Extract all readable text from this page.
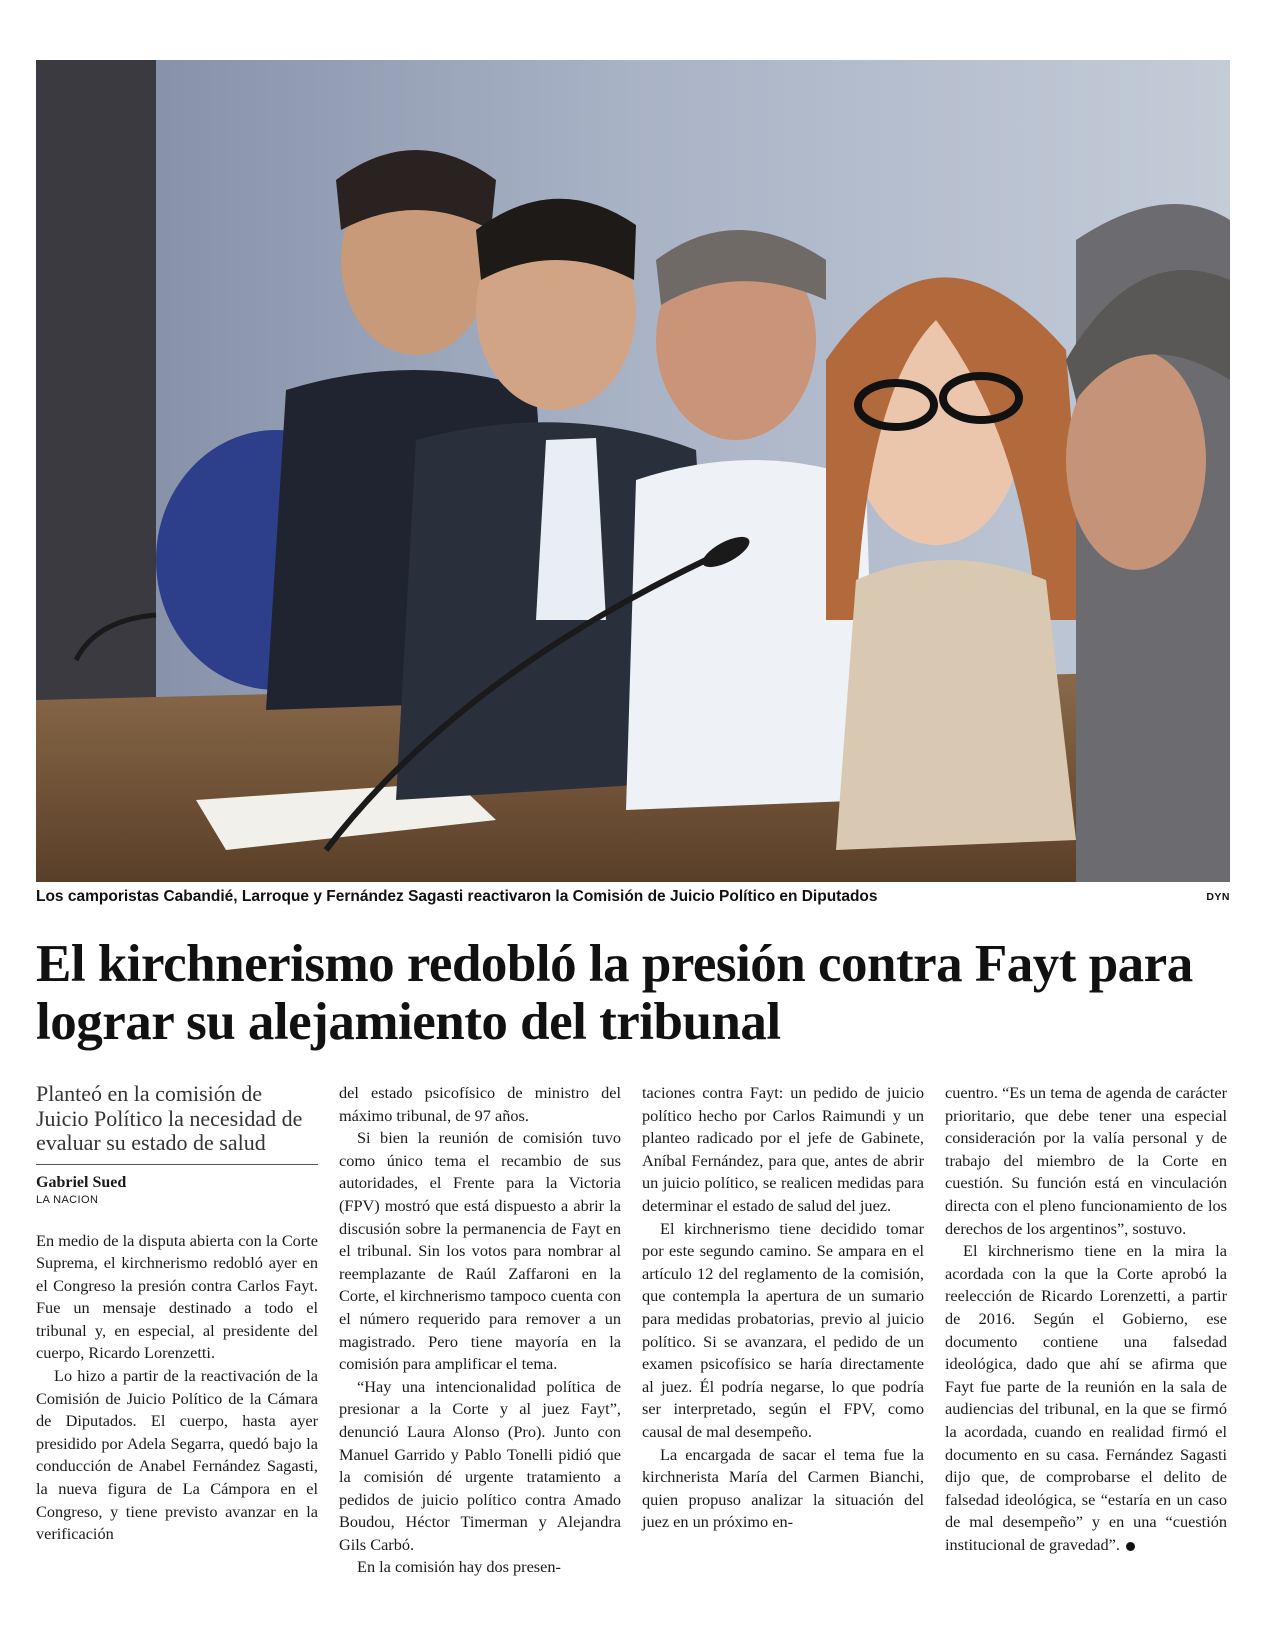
Los camporistas Cabandié, Larroque y Fernández Sagasti reactivaron la Comisión de Juicio Político en Diputados	DYN
El kirchnerismo redobló la presión contra Fayt para lograr su alejamiento del tribunal
Planteó en la comisión de Juicio Político la necesidad de evaluar su estado de salud
Gabriel Sued
LA NACION

En medio de la disputa abierta con la Corte Suprema, el kirchnerismo redobló ayer en el Congreso la presión contra Carlos Fayt. Fue un mensaje destinado a todo el tribunal y, en especial, al presidente del cuerpo, Ricardo Lorenzetti.

Lo hizo a partir de la reactivación de la Comisión de Juicio Político de la Cámara de Diputados. El cuerpo, hasta ayer presidido por Adela Segarra, quedó bajo la conducción de Anabel Fernández Sagasti, la nueva figura de La Cámpora en el Congreso, y tiene previsto avanzar en la verificación

del estado psicofísico de ministro del máximo tribunal, de 97 años.

Si bien la reunión de comisión tuvo como único tema el recambio de sus autoridades, el Frente para la Victoria (FPV) mostró que está dispuesto a abrir la discusión sobre la permanencia de Fayt en el tribunal. Sin los votos para nombrar al reemplazante de Raúl Zaffaroni en la Corte, el kirchnerismo tampoco cuenta con el número requerido para remover a un magistrado. Pero tiene mayoría en la comisión para amplificar el tema.

“Hay una intencionalidad política de presionar a la Corte y al juez Fayt”, denunció Laura Alonso (Pro). Junto con Manuel Garrido y Pablo Tonelli pidió que la comisión dé urgente tratamiento a pedidos de juicio político contra Amado Boudou, Héctor Timerman y Alejandra Gils Carbó.

En la comisión hay dos presen-

taciones contra Fayt: un pedido de juicio político hecho por Carlos Raimundi y un planteo radicado por el jefe de Gabinete, Aníbal Fernández, para que, antes de abrir un juicio político, se realicen medidas para determinar el estado de salud del juez.

El kirchnerismo tiene decidido tomar por este segundo camino. Se ampara en el artículo 12 del reglamento de la comisión, que contempla la apertura de un sumario para medidas probatorias, previo al juicio político. Si se avanzara, el pedido de un examen psicofísico se haría directamente al juez. Él podría negarse, lo que podría ser interpretado, según el FPV, como causal de mal desempeño.

La encargada de sacar el tema fue la kirchnerista María del Carmen Bianchi, quien propuso analizar la situación del juez en un próximo en-

cuentro. “Es un tema de agenda de carácter prioritario, que debe tener una especial consideración por la valía personal y de trabajo del miembro de la Corte en cuestión. Su función está en vinculación directa con el pleno funcionamiento de los derechos de los argentinos”, sostuvo.

El kirchnerismo tiene en la mira la acordada con la que la Corte aprobó la reelección de Ricardo Lorenzetti, a partir de 2016. Según el Gobierno, ese documento contiene una falsedad ideológica, dado que ahí se afirma que Fayt fue parte de la reunión en la sala de audiencias del tribunal, en la que se firmó la acordada, cuando en realidad firmó el documento en su casa. Fernández Sagasti dijo que, de comprobarse el delito de falsedad ideológica, se “estaría en un caso de mal desempeño” y en una “cuestión institucional de gravedad”.
